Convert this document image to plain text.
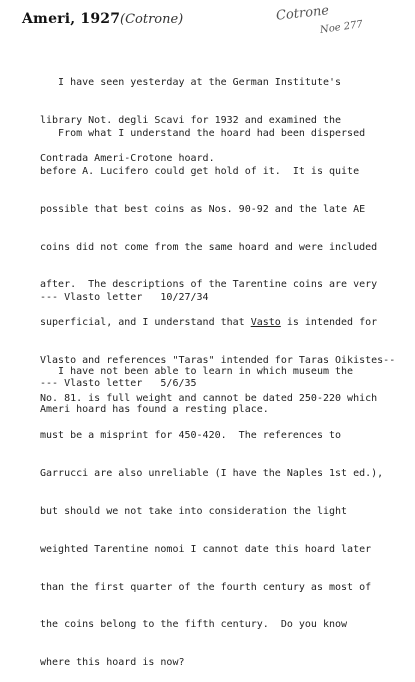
Ameri, 1927 (Cotrone)	Cotrone
Noe 277

I have seen yesterday at the German Institute's

library Not. degli Scavi for 1932 and examined the

Contrada Ameri-Crotone hoard.

From what I understand the hoard had been dispersed

before A. Lucifero could get hold of it.  It is quite

possible that best coins as Nos. 90-92 and the late AE

coins did not come from the same hoard and were included

after.  The descriptions of the Tarentine coins are very

superficial, and I understand that Vasto is intended for

Vlasto and references "Taras" intended for Taras Oikistes--

No. 81. is full weight and cannot be dated 250-220 which

must be a misprint for 450-420.  The references to

Garrucci are also unreliable (I have the Naples 1st ed.),

but should we not take into consideration the light

weighted Tarentine nomoi I cannot date this hoard later

than the first quarter of the fourth century as most of

the coins belong to the fifth century.  Do you know

where this hoard is now?

--- Vlasto letter   10/27/34

I have not been able to learn in which museum the

Ameri hoard has found a resting place.

--- Vlasto letter   5/6/35
